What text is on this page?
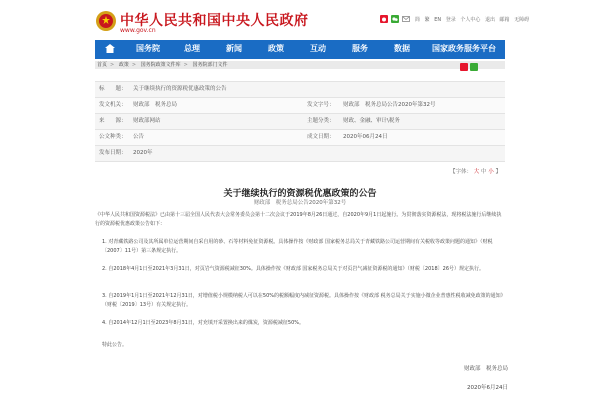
中华人民共和国中央人民政府
www.gov.cn
简 繁 EN 登录 个人中心 退出 邮箱 无障碍
国务院	总理	新闻	政策	互动	服务	数据	国家政务服务平台
首页 > 政策 > 国务院政策文件库 > 国务院部门文件
标　　题：	关于继续执行的资源税优惠政策的公告
发文机关：	财政部　税务总局	发文字号：	财政部　税务总局公告2020年第32号
来　　源：	财政部网站	主题分类：	财政、金融、审计\税务
公文种类：	公告	成文日期：	2020年06月24日
发布日期：	2020年
【字体： 大 中 小 】
关于继续执行的资源税优惠政策的公告
财政部　税务总局公告2020年第32号
《中华人民共和国资源税法》已由第十三届全国人民代表大会常务委员会第十二次会议于2019年8月26日通过，自2020年9月1日起施行。为贯彻落实资源税法，现将税法施行后继续执行的资源税优惠政策公告如下：
1. 对青藏铁路公司及其所属单位运营期间自采自用的砂、石等材料免征资源税。具体操作按《财政部 国家税务总局关于青藏铁路公司运营期间有关税收等政策问题的通知》（财税〔2007〕11号）第三条规定执行。
2. 自2018年4月1日至2021年3月31日，对页岩气资源税减征30%。具体操作按《财政部 国家税务总局关于对页岩气减征资源税的通知》（财税〔2018〕26号）规定执行。
3. 自2019年1月1日至2021年12月31日，对增值税小规模纳税人可以在50%的税额幅度内减征资源税。具体操作按《财政部 税务总局关于实施小微企业普惠性税收减免政策的通知》（财税〔2019〕13号）有关规定执行。
4. 自2014年12月1日至2023年8月31日，对充填开采置换出来的煤炭，资源税减征50%。
特此公告。
财政部　税务总局
2020年6月24日
